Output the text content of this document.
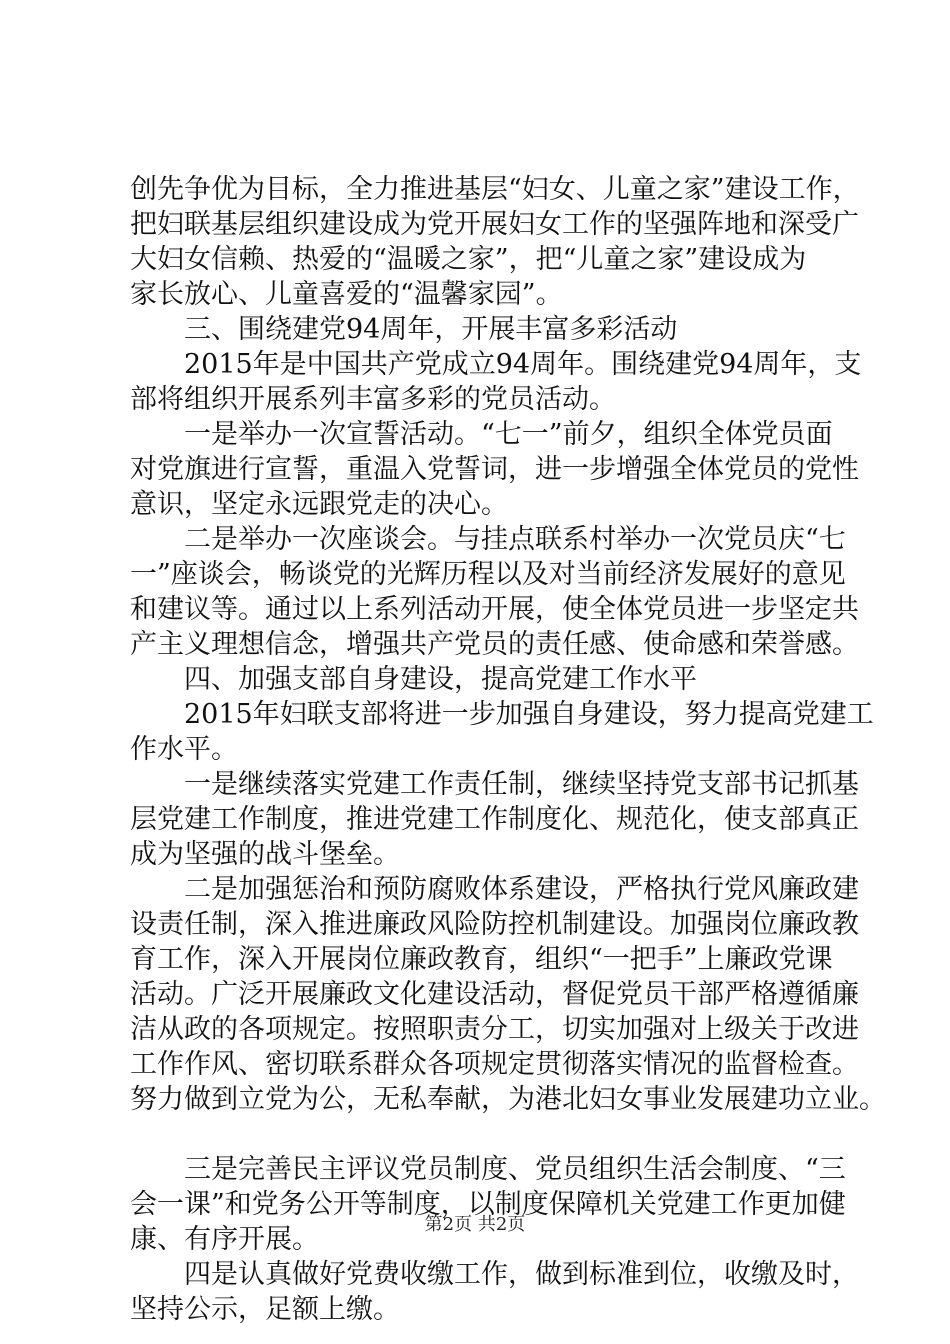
创先争优为目标，全力推进基层“妇女、儿童之家”建设工作，
把妇联基层组织建设成为党开展妇女工作的坚强阵地和深受广
大妇女信赖、热爱的“温暖之家”，把“儿童之家”建设成为
家长放心、儿童喜爱的“温馨家园”。
三、围绕建党94周年，开展丰富多彩活动
2015年是中国共产党成立94周年。围绕建党94周年，支
部将组织开展系列丰富多彩的党员活动。
一是举办一次宣誓活动。“七一”前夕，组织全体党员面
对党旗进行宣誓，重温入党誓词，进一步增强全体党员的党性
意识，坚定永远跟党走的决心。
二是举办一次座谈会。与挂点联系村举办一次党员庆“七
一”座谈会，畅谈党的光辉历程以及对当前经济发展好的意见
和建议等。通过以上系列活动开展，使全体党员进一步坚定共
产主义理想信念，增强共产党员的责任感、使命感和荣誉感。
四、加强支部自身建设，提高党建工作水平
2015年妇联支部将进一步加强自身建设，努力提高党建工
作水平。
一是继续落实党建工作责任制，继续坚持党支部书记抓基
层党建工作制度，推进党建工作制度化、规范化，使支部真正
成为坚强的战斗堡垒。
二是加强惩治和预防腐败体系建设，严格执行党风廉政建
设责任制，深入推进廉政风险防控机制建设。加强岗位廉政教
育工作，深入开展岗位廉政教育，组织“一把手”上廉政党课
活动。广泛开展廉政文化建设活动，督促党员干部严格遵循廉
洁从政的各项规定。按照职责分工，切实加强对上级关于改进
工作作风、密切联系群众各项规定贯彻落实情况的监督检查。
努力做到立党为公，无私奉献，为港北妇女事业发展建功立业。
三是完善民主评议党员制度、党员组织生活会制度、“三
会一课”和党务公开等制度，以制度保障机关党建工作更加健
康、有序开展。
四是认真做好党费收缴工作，做到标准到位，收缴及时，
坚持公示，足额上缴。
第2页 共2页
